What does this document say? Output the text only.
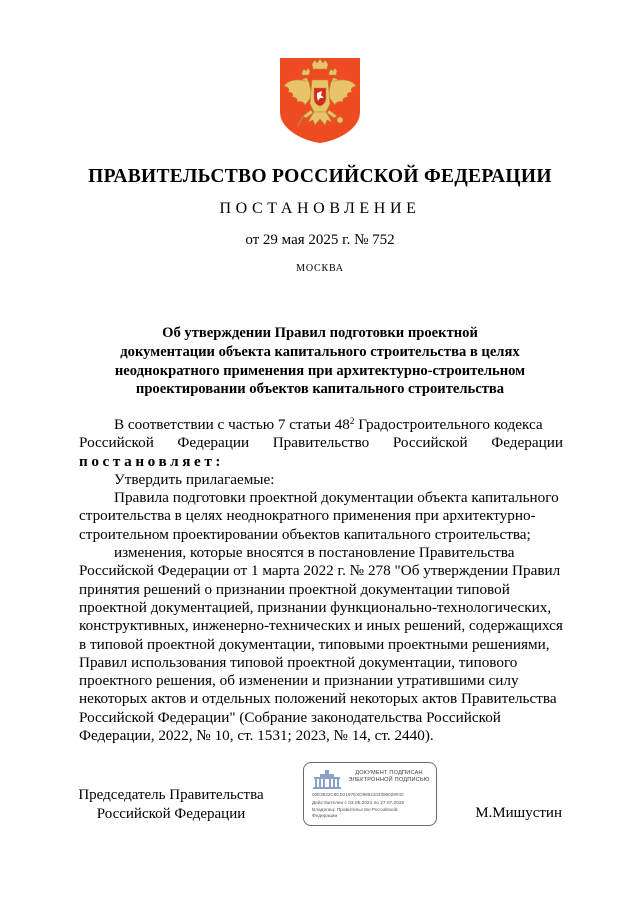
ПРАВИТЕЛЬСТВО РОССИЙСКОЙ ФЕДЕРАЦИИ
ПОСТАНОВЛЕНИЕ
от 29 мая 2025 г. № 752
МОСКВА
Об утверждении Правил подготовки проектной
документации объекта капитального строительства в целях
неоднократного применения при архитектурно-строительном
проектировании объектов капитального строительства
В соответствии с частью 7 статьи $48^2$ Градостроительного кодекса
Российской Федерации Правительство Российской Федерации
постановляет:
Утвердить прилагаемые:
Правила подготовки проектной документации объекта капитального
строительства в целях неоднократного применения при архитектурно-
строительном проектировании объектов капитального строительства;
изменения, которые вносятся в постановление Правительства
Российской Федерации от 1 марта 2022 г. № 278 "Об утверждении Правил
принятия решений о признании проектной документации типовой
проектной документацией, признании функционально-технологических,
конструктивных, инженерно-технических и иных решений, содержащихся
в типовой проектной документации, типовыми проектными решениями,
Правил использования типовой проектной документации, типового
проектного решения, об изменении и признании утратившими силу
некоторых актов и отдельных положений некоторых актов Правительства
Российской Федерации" (Собрание законодательства Российской
Федерации, 2022, № 10, ст. 1531; 2023, № 14, ст. 2440).
Председатель Правительства
Российской Федерации
ДОКУМЕНТ ПОДПИСАН
ЭЛЕКТРОННОЙ ПОДПИСЬЮ
00E3632C6CD2197EXD9892103399028#4C
Действителен с 03.05.2024 по 27.07.2025
Владелец: Правительство Российской
Федерации	М.Мишустин
